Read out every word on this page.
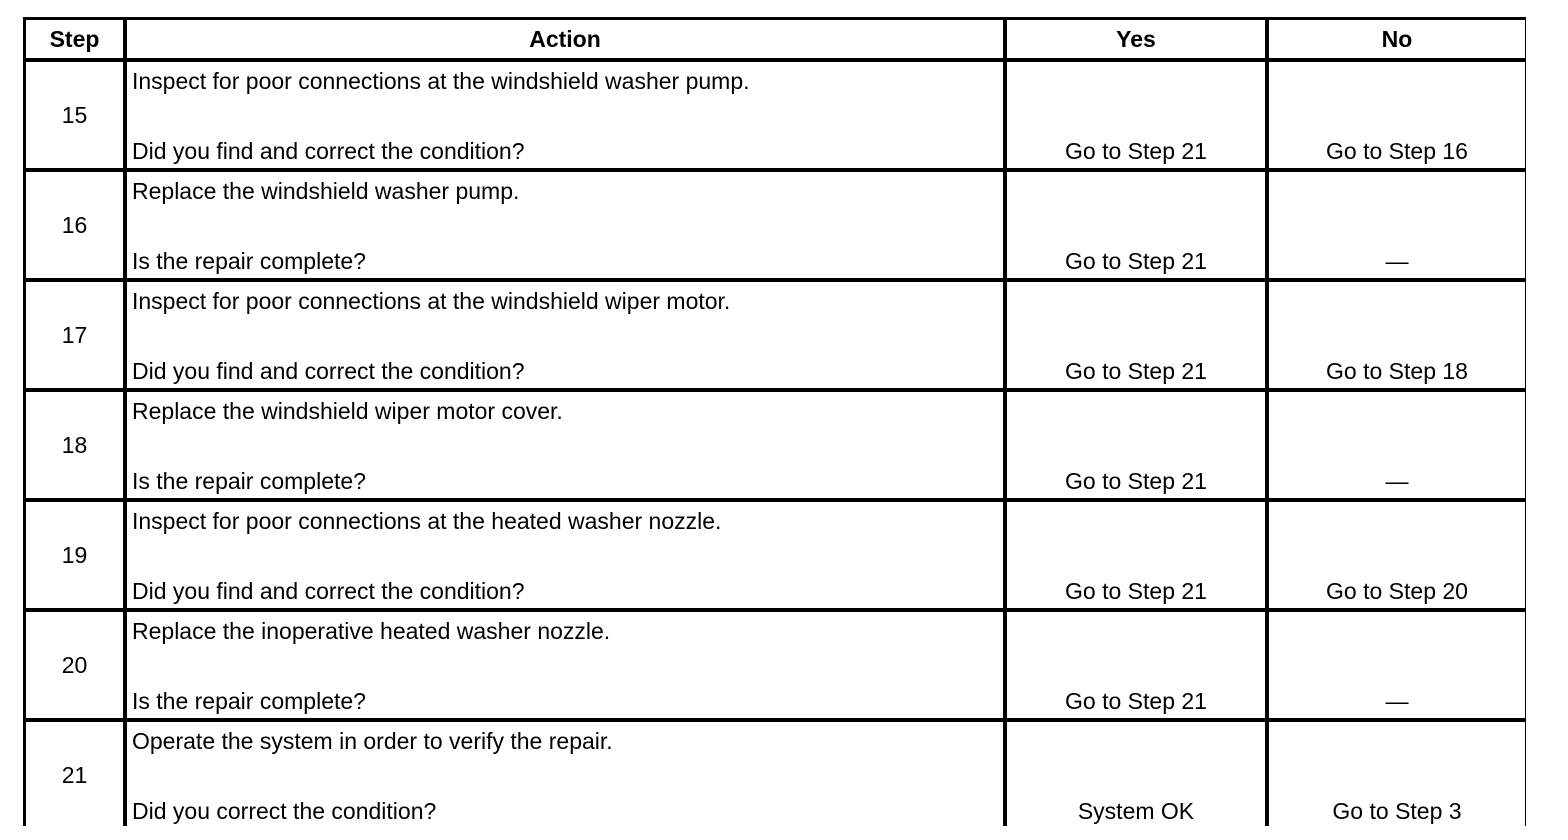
Step	Action	Yes	No
15
Inspect for poor connections at the windshield washer pump.
Did you find and correct the condition?	Go to Step 21	Go to Step 16
16
Replace the windshield washer pump.
Is the repair complete?	Go to Step 21	—
17
Inspect for poor connections at the windshield wiper motor.
Did you find and correct the condition?	Go to Step 21	Go to Step 18
18
Replace the windshield wiper motor cover.
Is the repair complete?	Go to Step 21	—
19
Inspect for poor connections at the heated washer nozzle.
Did you find and correct the condition?	Go to Step 21	Go to Step 20
20
Replace the inoperative heated washer nozzle.
Is the repair complete?	Go to Step 21	—
21
Operate the system in order to verify the repair.
Did you correct the condition?	System OK	Go to Step 3
